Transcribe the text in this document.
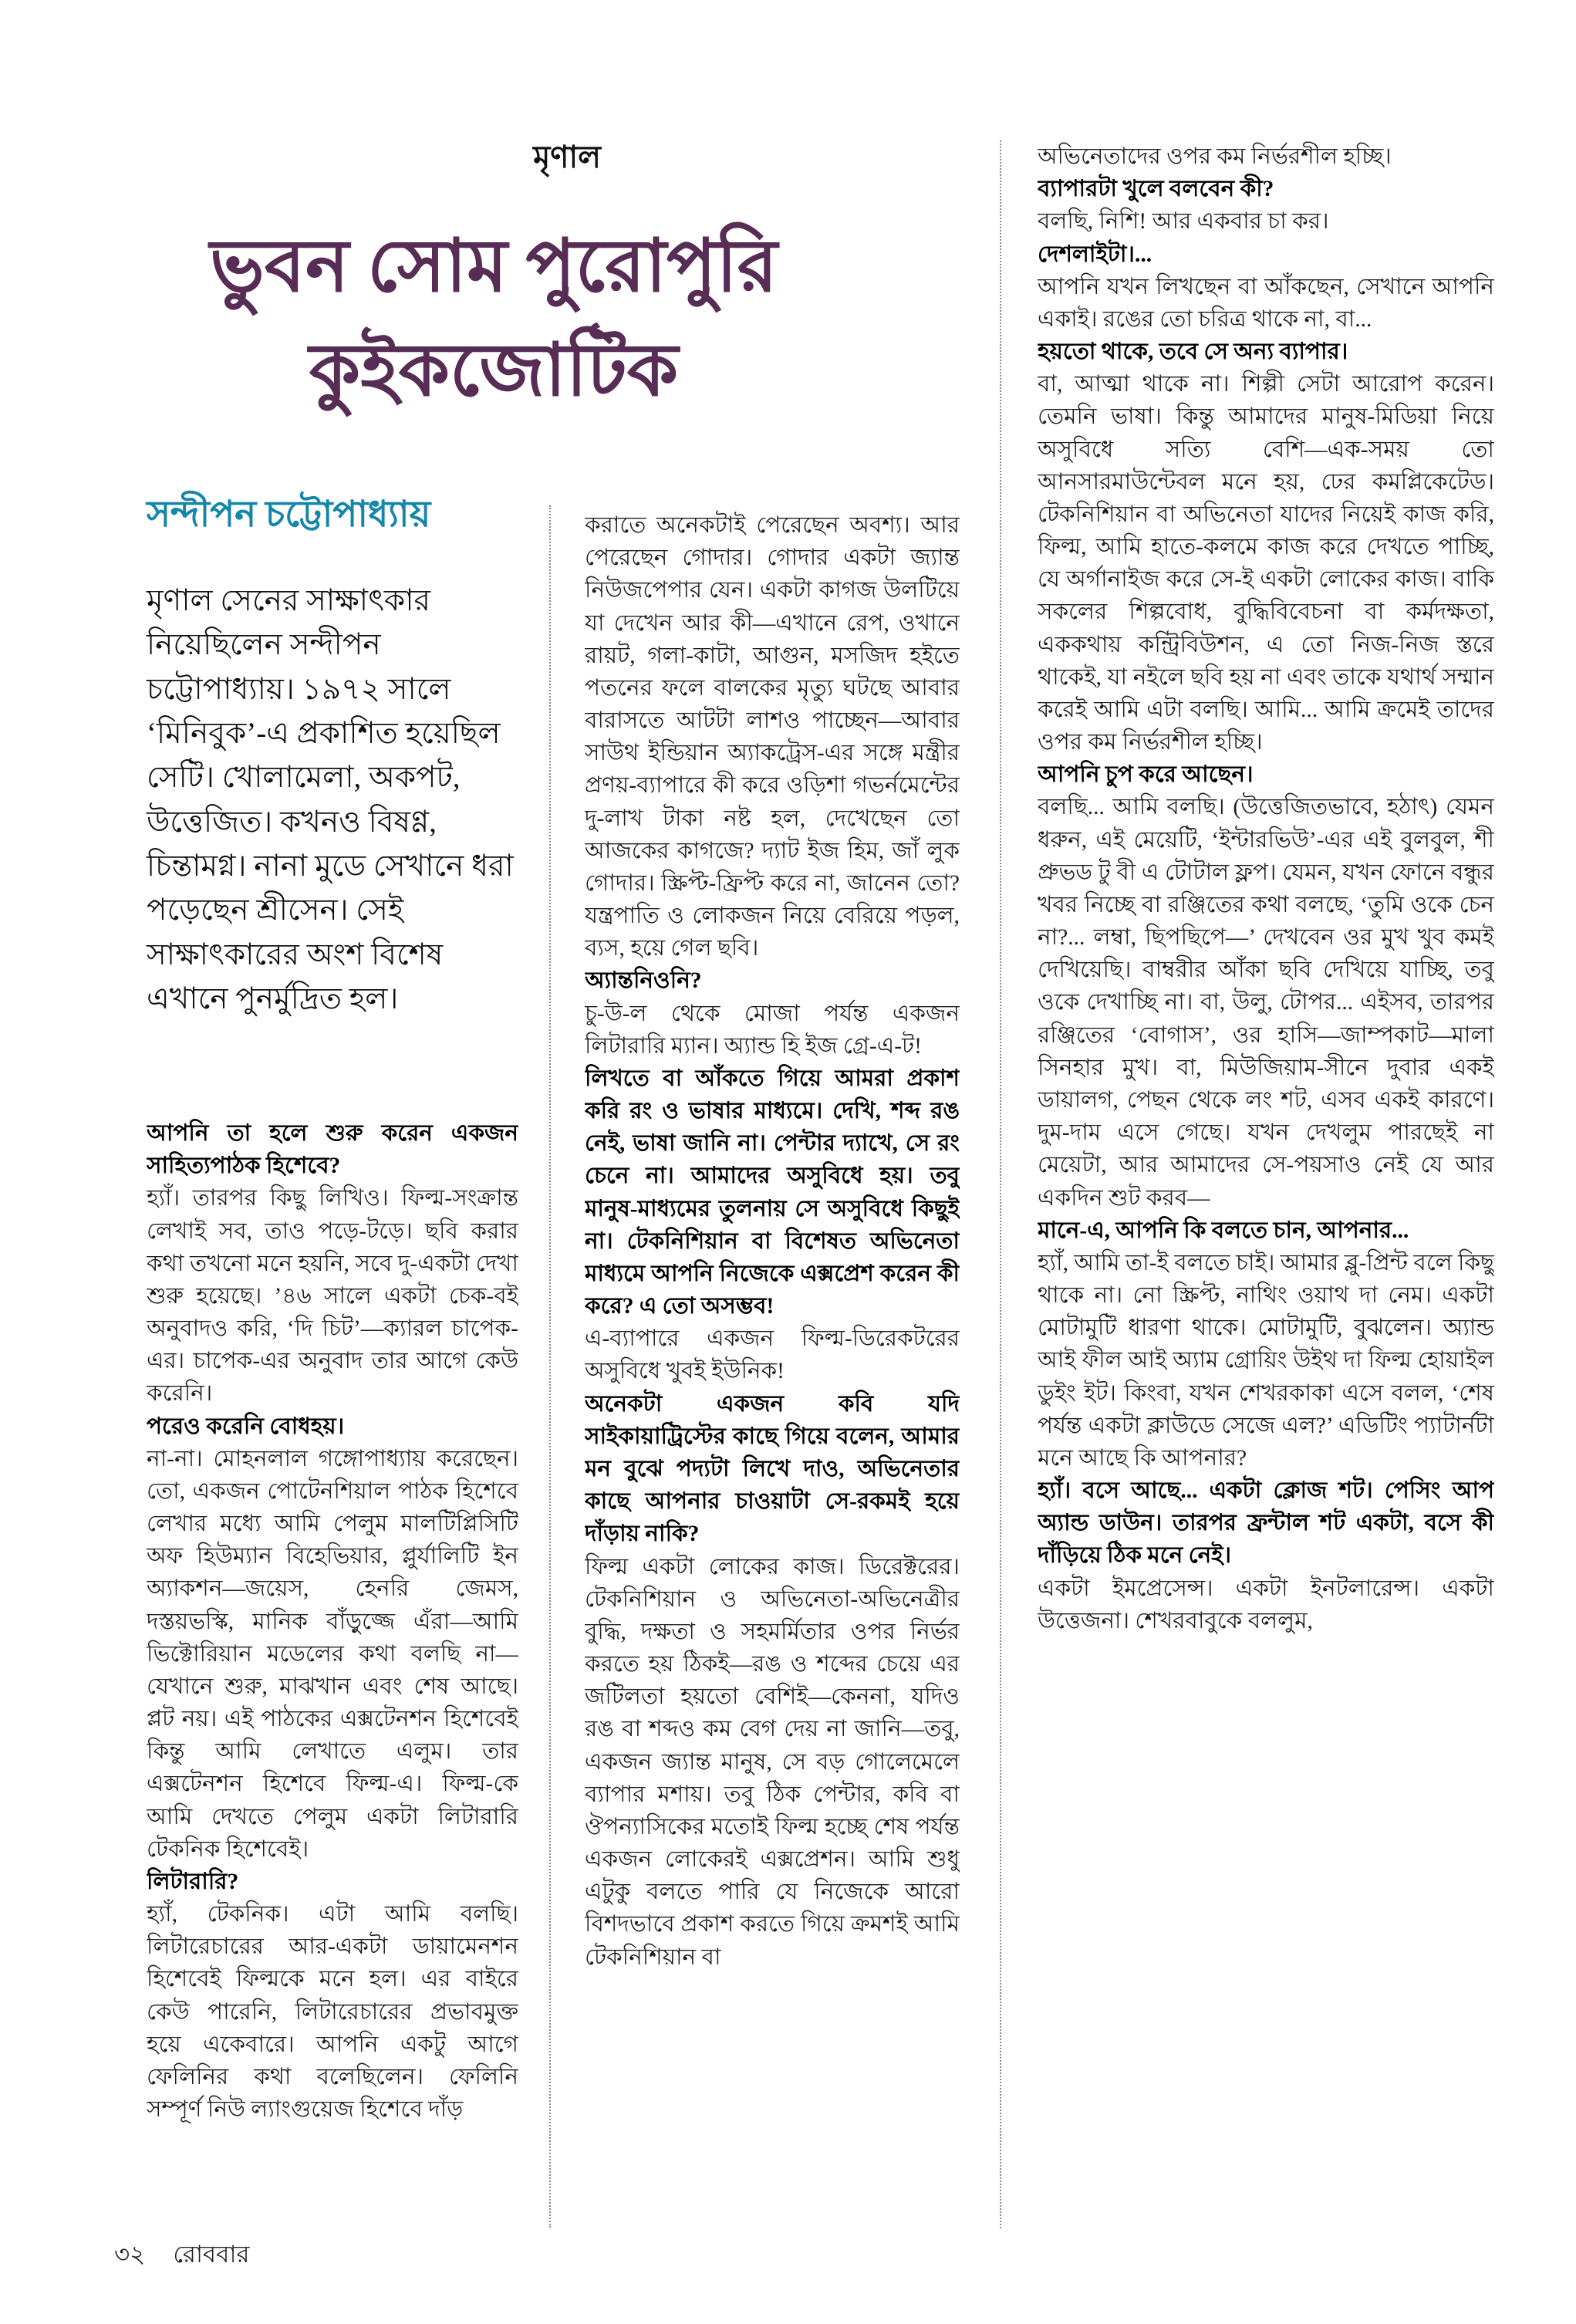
মৃণাল
ভুবন সোম পুরোপুরি
কুইকজোটিক
সন্দীপন চট্টোপাধ্যায়

মৃণাল সেনের সাক্ষাৎকার নিয়েছিলেন সন্দীপন চট্টোপাধ্যায়। ১৯৭২ সালে ‘মিনিবুক’-এ প্রকাশিত হয়েছিল সেটি। খোলামেলা, অকপট, উত্তেজিত। কখনও বিষণ্ণ, চিন্তামগ্ন। নানা মুডে সেখানে ধরা পড়েছেন শ্রীসেন। সেই সাক্ষাৎকারের অংশ বিশেষ এখানে পুনর্মুদ্রিত হল।

আপনি তা হলে শুরু করেন একজন সাহিত্যপাঠক হিশেবে?

হ্যাঁ। তারপর কিছু লিখিও। ফিল্ম-সংক্রান্ত লেখাই সব, তাও পড়ে-টড়ে। ছবি করার কথা তখনো মনে হয়নি, সবে দু-একটা দেখা শুরু হয়েছে। ’৪৬ সালে একটা চেক-বই অনুবাদও করি, ‘দি চিট’—ক্যারল চাপেক-এর। চাপেক-এর অনুবাদ তার আগে কেউ করেনি।

পরেও করেনি বোধহয়।

না-না। মোহনলাল গঙ্গোপাধ্যায় করেছেন। তো, একজন পোটেনশিয়াল পাঠক হিশেবে লেখার মধ্যে আমি পেলুম মালটিপ্লিসিটি অফ হিউম্যান বিহেভিয়ার, প্লুর্যালিটি ইন অ্যাকশন—জয়েস, হেনরি জেমস, দস্তয়ভস্কি, মানিক বাঁড়ুজ্জে এঁরা—আমি ভিক্টোরিয়ান মডেলের কথা বলছি না—যেখানে শুরু, মাঝখান এবং শেষ আছে। প্লট নয়। এই পাঠকের এক্সটেনশন হিশেবেই কিন্তু আমি লেখাতে এলুম। তার এক্সটেনশন হিশেবে ফিল্ম-এ। ফিল্ম-কে আমি দেখতে পেলুম একটা লিটারারি টেকনিক হিশেবেই।

লিটারারি?

হ্যাঁ, টেকনিক। এটা আমি বলছি। লিটারেচারের আর-একটা ডায়ামেনশন হিশেবেই ফিল্মকে মনে হল। এর বাইরে কেউ পারেনি, লিটারেচারের প্রভাবমুক্ত হয়ে একেবারে। আপনি একটু আগে ফেলিনির কথা বলেছিলেন। ফেলিনি সম্পূর্ণ নিউ ল্যাংগুয়েজ হিশেবে দাঁড়

করাতে অনেকটাই পেরেছেন অবশ্য। আর পেরেছেন গোদার। গোদার একটা জ্যান্ত নিউজপেপার যেন। একটা কাগজ উলটিয়ে যা দেখেন আর কী—এখানে রেপ, ওখানে রায়ট, গলা-কাটা, আগুন, মসজিদ হইতে পতনের ফলে বালকের মৃত্যু ঘটছে আবার বারাসতে আটটা লাশও পাচ্ছেন—আবার সাউথ ইন্ডিয়ান অ্যাকট্রেস-এর সঙ্গে মন্ত্রীর প্রণয়-ব্যাপারে কী করে ওড়িশা গভর্নমেন্টের দু-লাখ টাকা নষ্ট হল, দেখেছেন তো আজকের কাগজে? দ্যাট ইজ হিম, জাঁ লুক গোদার। স্ক্রিপ্ট-ফ্রিপ্ট করে না, জানেন তো? যন্ত্রপাতি ও লোকজন নিয়ে বেরিয়ে পড়ল, ব্যস, হয়ে গেল ছবি।

অ্যান্তনিওনি?

চু-উ-ল থেকে মোজা পর্যন্ত একজন লিটারারি ম্যান। অ্যান্ড হি ইজ গ্রে-এ-ট!

লিখতে বা আঁকতে গিয়ে আমরা প্রকাশ করি রং ও ভাষার মাধ্যমে। দেখি, শব্দ রঙ নেই, ভাষা জানি না। পেন্টার দ্যাখে, সে রং চেনে না। আমাদের অসুবিধে হয়। তবু মানুষ-মাধ্যমের তুলনায় সে অসুবিধে কিছুই না। টেকনিশিয়ান বা বিশেষত অভিনেতা মাধ্যমে আপনি নিজেকে এক্সপ্রেশ করেন কী করে? এ তো অসম্ভব!

এ-ব্যাপারে একজন ফিল্ম-ডিরেকটরের অসুবিধে খুবই ইউনিক!

অনেকটা একজন কবি যদি সাইকায়াট্রিস্টের কাছে গিয়ে বলেন, আমার মন বুঝে পদ্যটা লিখে দাও, অভিনেতার কাছে আপনার চাওয়াটা সে-রকমই হয়ে দাঁড়ায় নাকি?

ফিল্ম একটা লোকের কাজ। ডিরেক্টরের। টেকনিশিয়ান ও অভিনেতা-অভিনেত্রীর বুদ্ধি, দক্ষতা ও সহমর্মিতার ওপর নির্ভর করতে হয় ঠিকই—রঙ ও শব্দের চেয়ে এর জটিলতা হয়তো বেশিই—কেননা, যদিও রঙ বা শব্দও কম বেগ দেয় না জানি—তবু, একজন জ্যান্ত মানুষ, সে বড় গোলেমেলে ব্যাপার মশায়। তবু ঠিক পেন্টার, কবি বা ঔপন্যাসিকের মতোই ফিল্ম হচ্ছে শেষ পর্যন্ত একজন লোকেরই এক্সপ্রেশন। আমি শুধু এটুকু বলতে পারি যে নিজেকে আরো বিশদভাবে প্রকাশ করতে গিয়ে ক্রমশই আমি টেকনিশিয়ান বা

অভিনেতাদের ওপর কম নির্ভরশীল হচ্ছি।

ব্যাপারটা খুলে বলবেন কী?

বলছি, নিশি! আর একবার চা কর।

দেশলাইটা।...

আপনি যখন লিখছেন বা আঁকছেন, সেখানে আপনি একাই। রঙের তো চরিত্র থাকে না, বা...

হয়তো থাকে, তবে সে অন্য ব্যাপার।

বা, আত্মা থাকে না। শিল্পী সেটা আরোপ করেন। তেমনি ভাষা। কিন্তু আমাদের মানুষ-মিডিয়া নিয়ে অসুবিধে সত্যি বেশি—এক-সময় তো আনসারমাউন্টেবল মনে হয়, ঢের কমপ্লিকেটেড। টেকনিশিয়ান বা অভিনেতা যাদের নিয়েই কাজ করি, ফিল্ম, আমি হাতে-কলমে কাজ করে দেখতে পাচ্ছি, যে অর্গানাইজ করে সে-ই একটা লোকের কাজ। বাকি সকলের শিল্পবোধ, বুদ্ধিবিবেচনা বা কর্মদক্ষতা, এককথায় কন্ট্রিবিউশন, এ তো নিজ-নিজ স্তরে থাকেই, যা নইলে ছবি হয় না এবং তাকে যথার্থ সম্মান করেই আমি এটা বলছি। আমি... আমি ক্রমেই তাদের ওপর কম নির্ভরশীল হচ্ছি।

আপনি চুপ করে আছেন।

বলছি... আমি বলছি। (উত্তেজিতভাবে, হঠাৎ) যেমন ধরুন, এই মেয়েটি, ‘ইন্টারভিউ’-এর এই বুলবুল, শী প্রুভড টু বী এ টোটাল ফ্লপ। যেমন, যখন ফোনে বন্ধুর খবর নিচ্ছে বা রঞ্জিতের কথা বলছে, ‘তুমি ওকে চেন না?... লম্বা, ছিপছিপে—’ দেখবেন ওর মুখ খুব কমই দেখিয়েছি। বাম্বরীর আঁকা ছবি দেখিয়ে যাচ্ছি, তবু ওকে দেখাচ্ছি না। বা, উলু, টোপর... এইসব, তারপর রঞ্জিতের ‘বোগাস’, ওর হাসি—জাম্পকাট—মালা সিনহার মুখ। বা, মিউজিয়াম-সীনে দুবার একই ডায়ালগ, পেছন থেকে লং শট, এসব একই কারণে। দুম-দাম এসে গেছে। যখন দেখলুম পারছেই না মেয়েটা, আর আমাদের সে-পয়সাও নেই যে আর একদিন শুট করব—

মানে-এ, আপনি কি বলতে চান, আপনার...

হ্যাঁ, আমি তা-ই বলতে চাই। আমার ব্লু-প্রিন্ট বলে কিছু থাকে না। নো স্ক্রিপ্ট, নাথিং ওয়াথ দা নেম। একটা মোটামুটি ধারণা থাকে। মোটামুটি, বুঝলেন। অ্যান্ড আই ফীল আই অ্যাম গ্রোয়িং উইথ দা ফিল্ম হোয়াইল ডুইং ইট। কিংবা, যখন শেখরকাকা এসে বলল, ‘শেষ পর্যন্ত একটা ক্লাউডে সেজে এল?’ এডিটিং প্যাটার্নটা মনে আছে কি আপনার?

হ্যাঁ। বসে আছে... একটা ক্লোজ শট। পেসিং আপ অ্যান্ড ডাউন। তারপর ফ্রন্টাল শট একটা, বসে কী দাঁড়িয়ে ঠিক মনে নেই।

একটা ইমপ্রেসেন্স। একটা ইনটলারেন্স। একটা উত্তেজনা। শেখরবাবুকে বললুম,

৩২ রোববার
